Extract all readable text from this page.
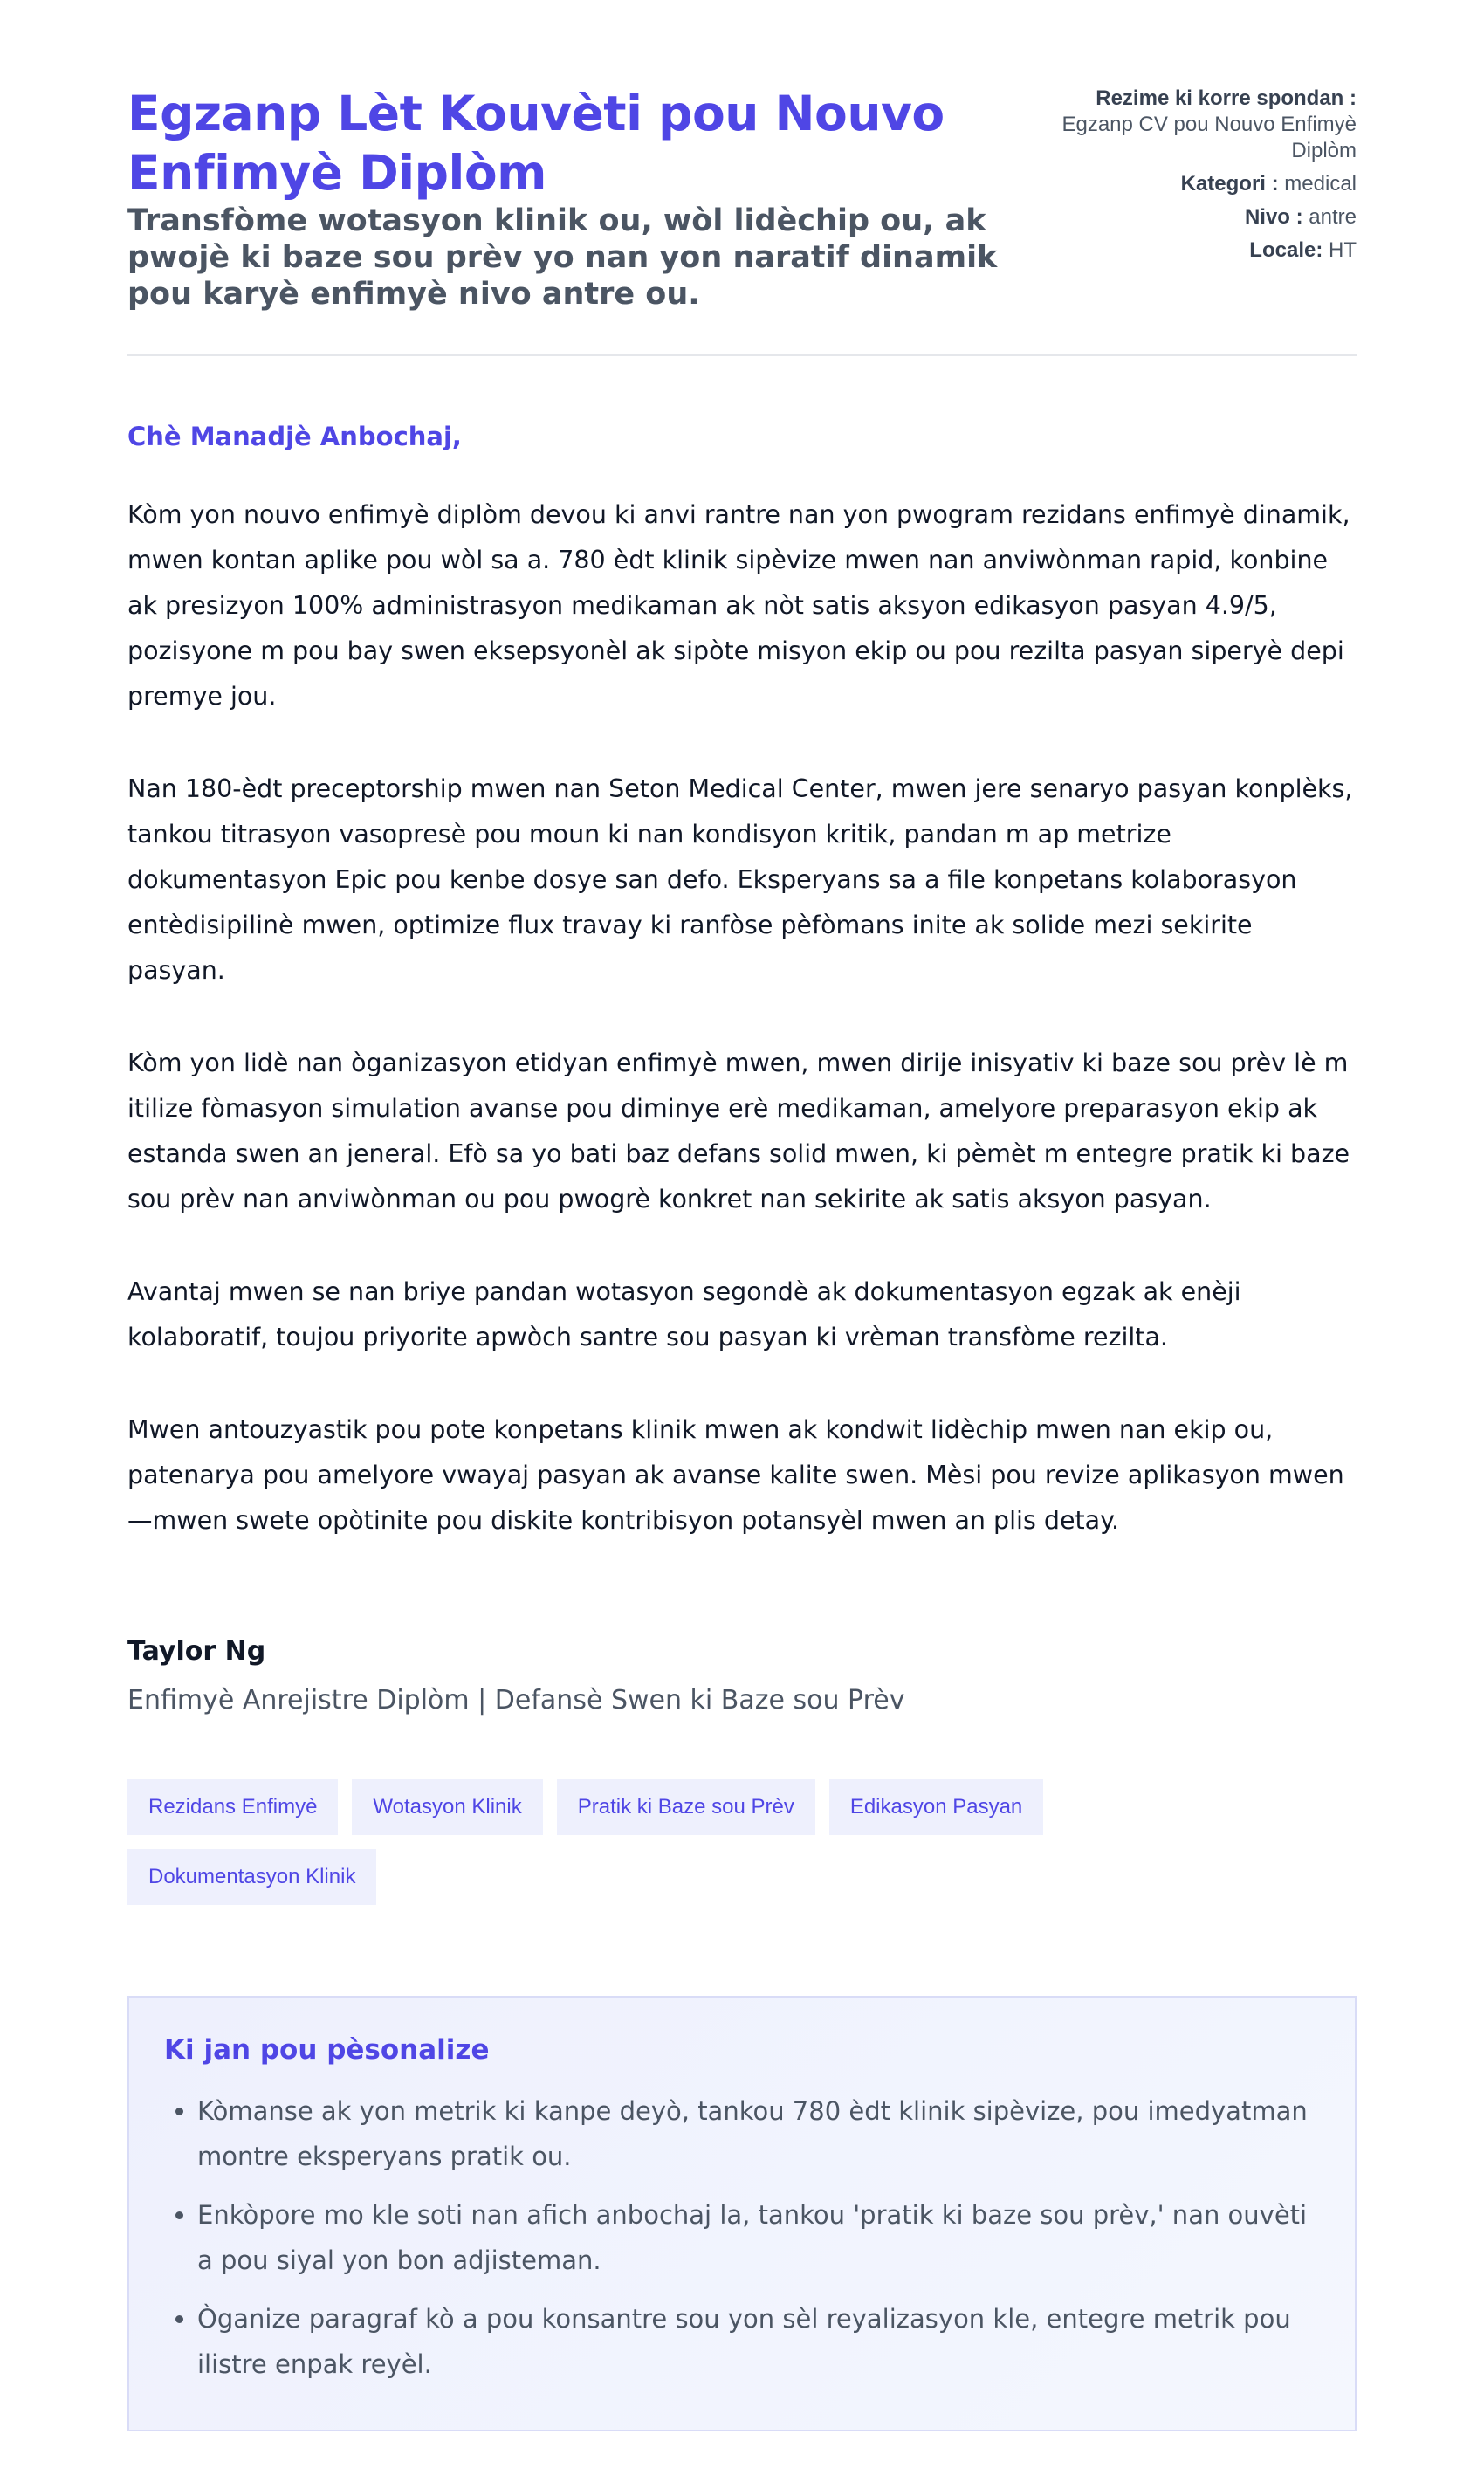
Egzanp Lèt Kouvèti pou Nouvo Enfimyè Diplòm

Transfòme wotasyon klinik ou, wòl lidèchip ou, ak pwojè ki baze sou prèv yo nan yon naratif dinamik pou karyè enfimyè nivo antre ou.

Rezime ki korre spondan :
Egzanp CV pou Nouvo Enfimyè Diplòm
Kategori : medical
Nivo : antre
Locale: HT
Chè Manadjè Anbochaj,

Kòm yon nouvo enfimyè diplòm devou ki anvi rantre nan yon pwogram rezidans enfimyè dinamik, mwen kontan aplike pou wòl sa a. 780 èdt klinik sipèvize mwen nan anviwònman rapid, konbine ak presizyon 100% administrasyon medikaman ak nòt satis aksyon edikasyon pasyan 4.9/5, pozisyone m pou bay swen eksepsyonèl ak sipòte misyon ekip ou pou rezilta pasyan siperyè depi premye jou.

Nan 180-èdt preceptorship mwen nan Seton Medical Center, mwen jere senaryo pasyan konplèks, tankou titrasyon vasopresè pou moun ki nan kondisyon kritik, pandan m ap metrize dokumentasyon Epic pou kenbe dosye san defo. Eksperyans sa a file konpetans kolaborasyon entèdisipilinè mwen, optimize flux travay ki ranfòse pèfòmans inite ak solide mezi sekirite pasyan.

Kòm yon lidè nan òganizasyon etidyan enfimyè mwen, mwen dirije inisyativ ki baze sou prèv lè m itilize fòmasyon simulation avanse pou diminye erè medikaman, amelyore preparasyon ekip ak estanda swen an jeneral. Efò sa yo bati baz defans solid mwen, ki pèmèt m entegre pratik ki baze sou prèv nan anviwònman ou pou pwogrè konkret nan sekirite ak satis aksyon pasyan.

Avantaj mwen se nan briye pandan wotasyon segondè ak dokumentasyon egzak ak enèji kolaboratif, toujou priyorite apwòch santre sou pasyan ki vrèman transfòme rezilta.

Mwen antouzyastik pou pote konpetans klinik mwen ak kondwit lidèchip mwen nan ekip ou, patenarya pou amelyore vwayaj pasyan ak avanse kalite swen. Mèsi pou revize aplikasyon mwen—mwen swete opòtinite pou diskite kontribisyon potansyèl mwen an plis detay.

Taylor Ng
Enfimyè Anrejistre Diplòm | Defansè Swen ki Baze sou Prèv
Rezidans Enfimyè	Wotasyon Klinik	Pratik ki Baze sou Prèv	Edikasyon Pasyan
Dokumentasyon Klinik
Ki jan pou pèsonalize
• Kòmanse ak yon metrik ki kanpe deyò, tankou 780 èdt klinik sipèvize, pou imedyatman montre eksperyans pratik ou.
• Enkòpore mo kle soti nan afich anbochaj la, tankou 'pratik ki baze sou prèv,' nan ouvèti a pou siyal yon bon adjisteman.
• Òganize paragraf kò a pou konsantre sou yon sèl reyalizasyon kle, entegre metrik pou ilistre enpak reyèl.
